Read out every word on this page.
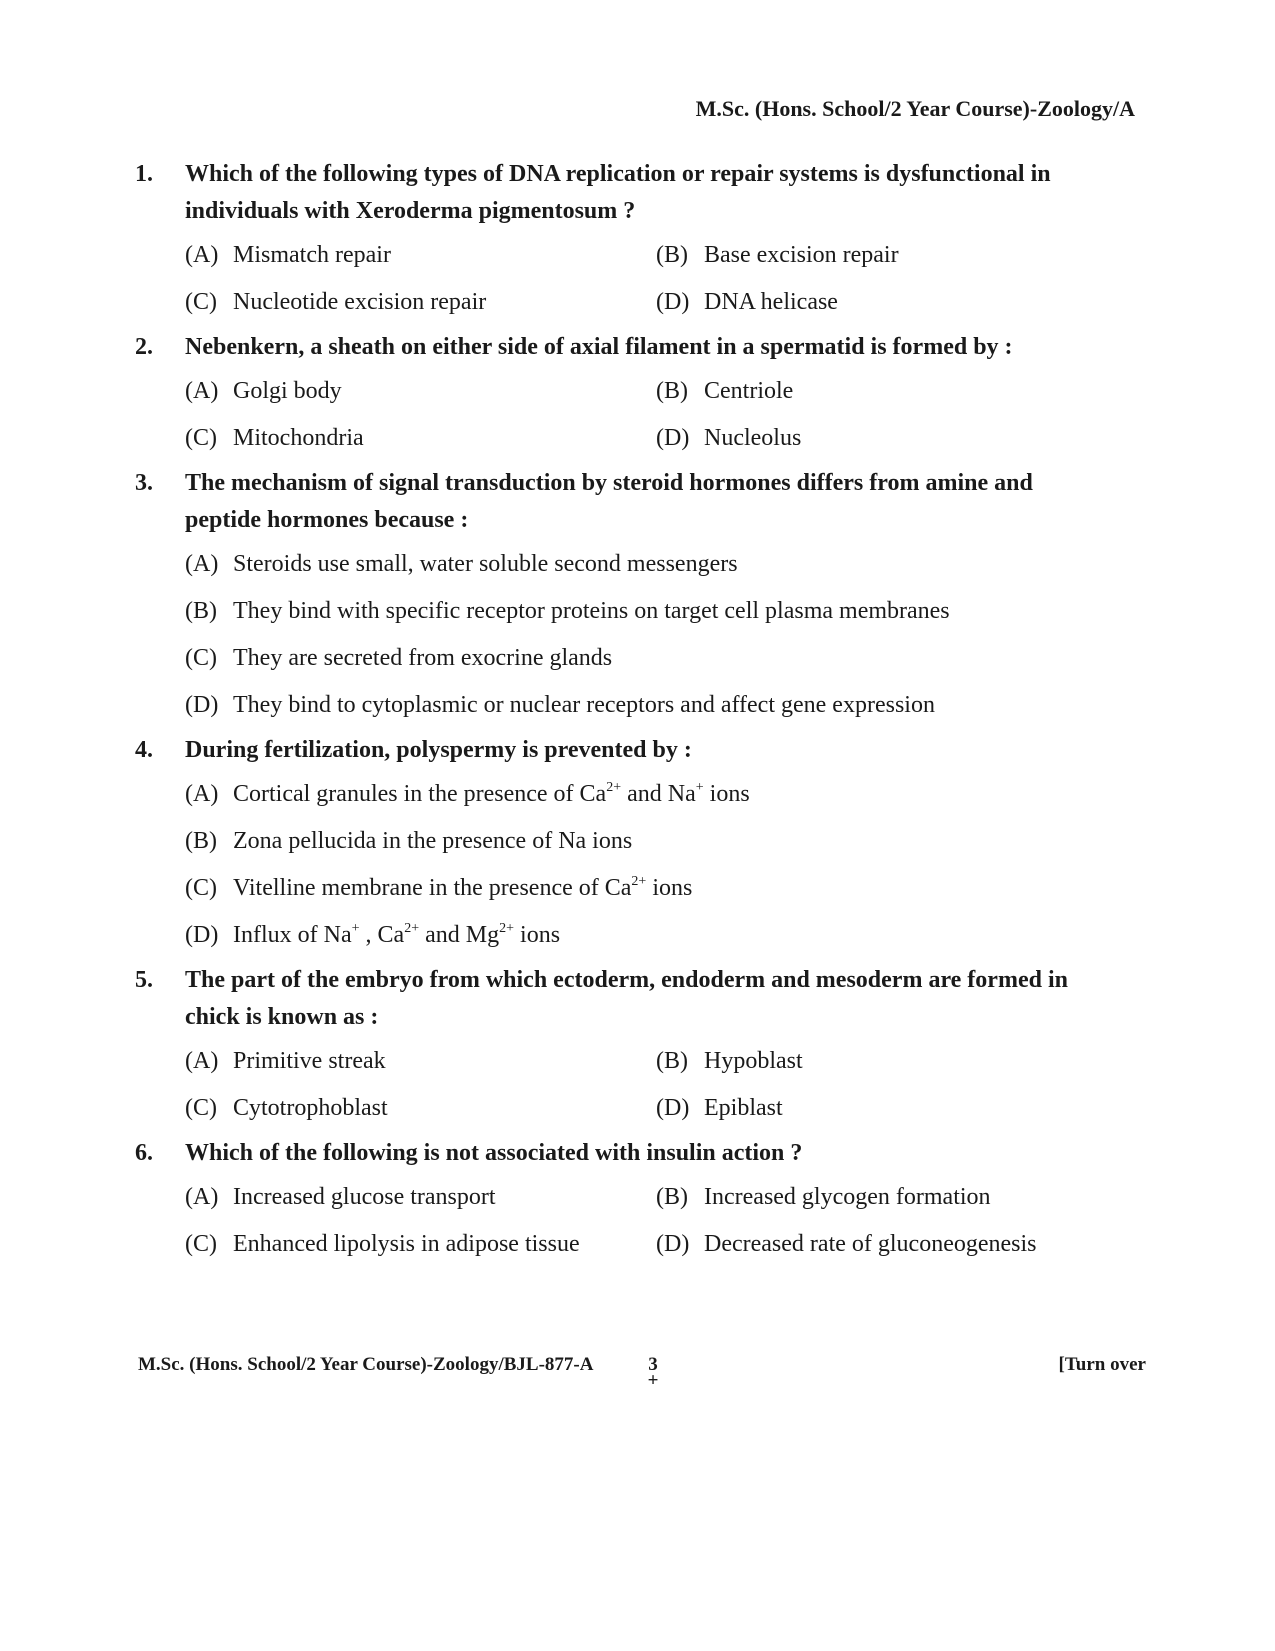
M.Sc. (Hons. School/2 Year Course)-Zoology/A
1.	Which of the following types of DNA replication or repair systems is dysfunctional in individuals with Xeroderma pigmentosum ?
(A) Mismatch repair	(B) Base excision repair
(C) Nucleotide excision repair	(D) DNA helicase
2.	Nebenkern, a sheath on either side of axial filament in a spermatid is formed by :
(A) Golgi body	(B) Centriole
(C) Mitochondria	(D) Nucleolus
3.	The mechanism of signal transduction by steroid hormones differs from amine and peptide hormones because :
(A) Steroids use small, water soluble second messengers
(B) They bind with specific receptor proteins on target cell plasma membranes
(C) They are secreted from exocrine glands
(D) They bind to cytoplasmic or nuclear receptors and affect gene expression
4.	During fertilization, polyspermy is prevented by :
(A) Cortical granules in the presence of $Ca^{2+}$ and Na+ ions
(B) Zona pellucida in the presence of Na ions
(C) Vitelline membrane in the presence of $Ca^{2+}$ ions
(D) Influx of Na+ , $Ca^{2+}$ and $Mg^{2+}$ ions
5.	The part of the embryo from which ectoderm, endoderm and mesoderm are formed in chick is known as :
(A) Primitive streak	(B) Hypoblast
(C) Cytotrophoblast	(D) Epiblast
6.	Which of the following is not associated with insulin action ?
(A) Increased glucose transport	(B) Increased glycogen formation
(C) Enhanced lipolysis in adipose tissue	(D) Decreased rate of gluconeogenesis
M.Sc. (Hons. School/2 Year Course)-Zoology/BJL-877-A	3
+
[Turn over
